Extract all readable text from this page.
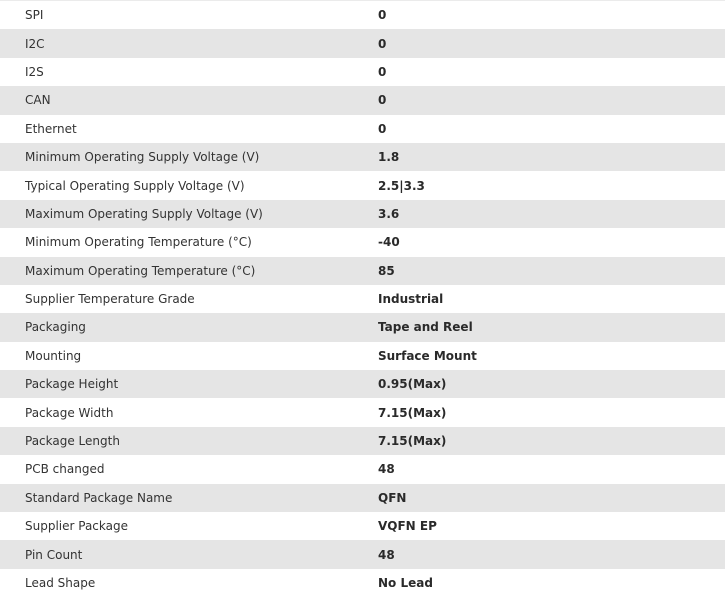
SPI	0
I2C	0
I2S	0
CAN	0
Ethernet	0
Minimum Operating Supply Voltage (V)	1.8
Typical Operating Supply Voltage (V)	2.5|3.3
Maximum Operating Supply Voltage (V)	3.6
Minimum Operating Temperature (°C)	-40
Maximum Operating Temperature (°C)	85
Supplier Temperature Grade	Industrial
Packaging	Tape and Reel
Mounting	Surface Mount
Package Height	0.95(Max)
Package Width	7.15(Max)
Package Length	7.15(Max)
PCB changed	48
Standard Package Name	QFN
Supplier Package	VQFN EP
Pin Count	48
Lead Shape	No Lead
